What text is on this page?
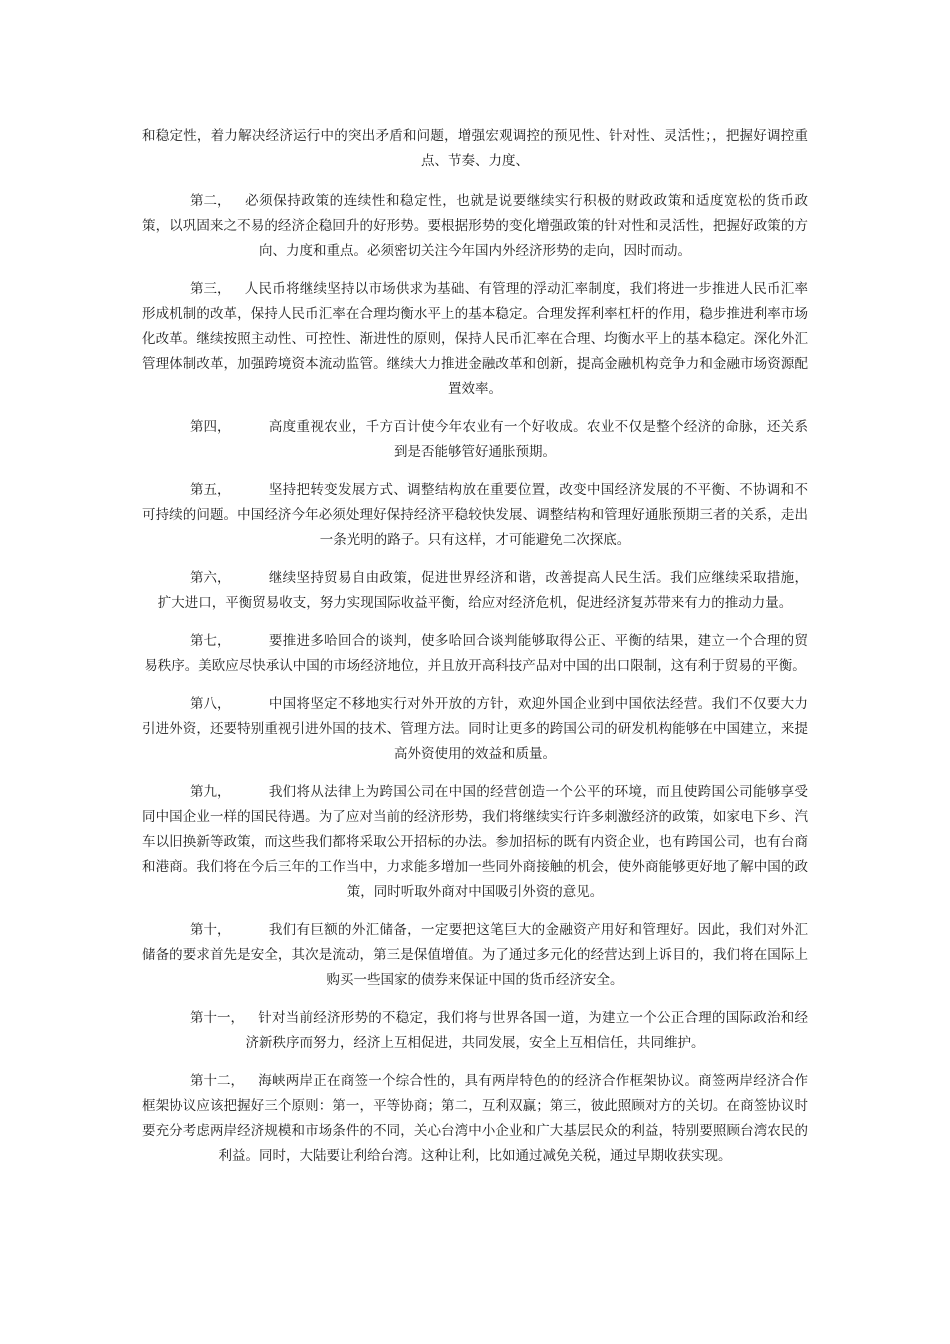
和稳定性，着力解决经济运行中的突出矛盾和问题，增强宏观调控的预见性、针对性、灵活性；，把握好调控重点、节奏、力度、

第二， 必须保持政策的连续性和稳定性，也就是说要继续实行积极的财政政策和适度宽松的货币政策，以巩固来之不易的经济企稳回升的好形势。要根据形势的变化增强政策的针对性和灵活性，把握好政策的方向、力度和重点。必须密切关注今年国内外经济形势的走向，因时而动。

第三， 人民币将继续坚持以市场供求为基础、有管理的浮动汇率制度，我们将进一步推进人民币汇率形成机制的改革，保持人民币汇率在合理均衡水平上的基本稳定。合理发挥利率杠杆的作用，稳步推进利率市场化改革。继续按照主动性、可控性、渐进性的原则，保持人民币汇率在合理、均衡水平上的基本稳定。深化外汇管理体制改革，加强跨境资本流动监管。继续大力推进金融改革和创新，提高金融机构竞争力和金融市场资源配置效率。

第四，	高度重视农业，千方百计使今年农业有一个好收成。农业不仅是整个经济的命脉，还关系到是否能够管好通胀预期。

第五，	坚持把转变发展方式、调整结构放在重要位置，改变中国经济发展的不平衡、不协调和不可持续的问题。中国经济今年必须处理好保持经济平稳较快发展、调整结构和管理好通胀预期三者的关系，走出一条光明的路子。只有这样，才可能避免二次探底。

第六，	继续坚持贸易自由政策，促进世界经济和谐，改善提高人民生活。我们应继续采取措施，扩大进口，平衡贸易收支，努力实现国际收益平衡，给应对经济危机，促进经济复苏带来有力的推动力量。

第七，	要推进多哈回合的谈判，使多哈回合谈判能够取得公正、平衡的结果，建立一个合理的贸易秩序。美欧应尽快承认中国的市场经济地位，并且放开高科技产品对中国的出口限制，这有利于贸易的平衡。

第八，	中国将坚定不移地实行对外开放的方针，欢迎外国企业到中国依法经营。我们不仅要大力引进外资，还要特别重视引进外国的技术、管理方法。同时让更多的跨国公司的研发机构能够在中国建立，来提高外资使用的效益和质量。

第九，	我们将从法律上为跨国公司在中国的经营创造一个公平的环境，而且使跨国公司能够享受同中国企业一样的国民待遇。为了应对当前的经济形势，我们将继续实行许多刺激经济的政策，如家电下乡、汽车以旧换新等政策，而这些我们都将采取公开招标的办法。参加招标的既有内资企业，也有跨国公司，也有台商和港商。我们将在今后三年的工作当中，力求能多增加一些同外商接触的机会，使外商能够更好地了解中国的政策，同时听取外商对中国吸引外资的意见。

第十，	我们有巨额的外汇储备，一定要把这笔巨大的金融资产用好和管理好。因此，我们对外汇储备的要求首先是安全，其次是流动，第三是保值增值。为了通过多元化的经营达到上诉目的，我们将在国际上购买一些国家的债券来保证中国的货币经济安全。

第十一， 针对当前经济形势的不稳定，我们将与世界各国一道，为建立一个公正合理的国际政治和经济新秩序而努力，经济上互相促进，共同发展，安全上互相信任，共同维护。

第十二， 海峡两岸正在商签一个综合性的，具有两岸特色的的经济合作框架协议。商签两岸经济合作框架协议应该把握好三个原则：第一，平等协商；第二，互利双赢；第三，彼此照顾对方的关切。在商签协议时要充分考虑两岸经济规模和市场条件的不同，关心台湾中小企业和广大基层民众的利益，特别要照顾台湾农民的利益。同时，大陆要让利给台湾。这种让利，比如通过减免关税，通过早期收获实现。
